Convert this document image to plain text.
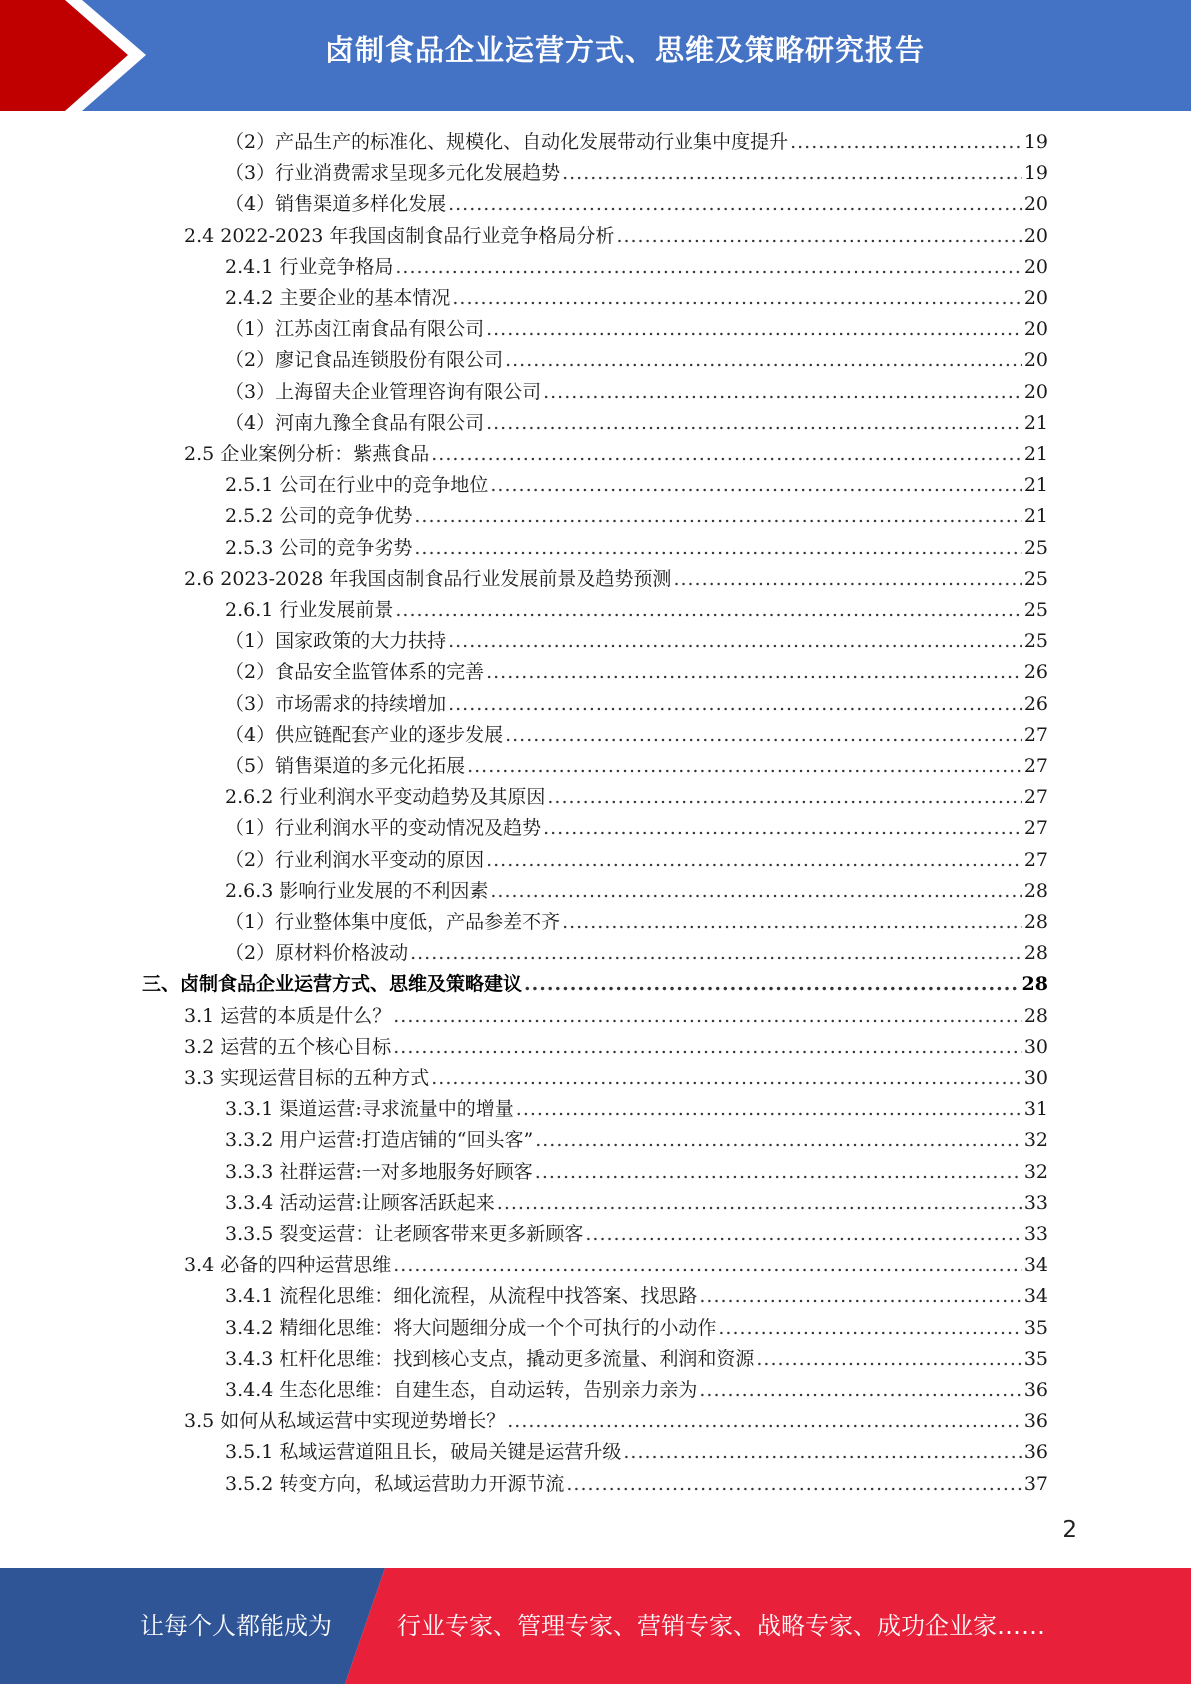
卤制食品企业运营方式、思维及策略研究报告
（2）产品生产的标准化、规模化、自动化发展带动行业集中度提升 .....	19
（3）行业消费需求呈现多元化发展趋势 .....	19
（4）销售渠道多样化发展 .....	20
2.4 2022-2023 年我国卤制食品行业竞争格局分析 .....	20
2.4.1 行业竞争格局 .....	20
2.4.2 主要企业的基本情况 .....	20
（1）江苏卤江南食品有限公司 .....	20
（2）廖记食品连锁股份有限公司 .....	20
（3）上海留夫企业管理咨询有限公司 .....	20
（4）河南九豫全食品有限公司 .....	21
2.5 企业案例分析：紫燕食品 .....	21
2.5.1 公司在行业中的竞争地位 .....	21
2.5.2 公司的竞争优势 .....	21
2.5.3 公司的竞争劣势 .....	25
2.6 2023-2028 年我国卤制食品行业发展前景及趋势预测 .....	25
2.6.1 行业发展前景 .....	25
（1）国家政策的大力扶持 .....	25
（2）食品安全监管体系的完善 .....	26
（3）市场需求的持续增加 .....	26
（4）供应链配套产业的逐步发展 .....	27
（5）销售渠道的多元化拓展 .....	27
2.6.2 行业利润水平变动趋势及其原因 .....	27
（1）行业利润水平的变动情况及趋势 .....	27
（2）行业利润水平变动的原因 .....	27
2.6.3 影响行业发展的不利因素 .....	28
（1）行业整体集中度低，产品参差不齐 .....	28
（2）原材料价格波动 .....	28
三、卤制食品企业运营方式、思维及策略建议 .....	28
3.1 运营的本质是什么？ .....	28
3.2 运营的五个核心目标 .....	30
3.3 实现运营目标的五种方式 .....	30
3.3.1 渠道运营:寻求流量中的增量 .....	31
3.3.2 用户运营:打造店铺的“回头客” .....	32
3.3.3 社群运营:一对多地服务好顾客 .....	32
3.3.4 活动运营:让顾客活跃起来 .....	33
3.3.5 裂变运营：让老顾客带来更多新顾客 .....	33
3.4 必备的四种运营思维 .....	34
3.4.1 流程化思维：细化流程，从流程中找答案、找思路 .....	34
3.4.2 精细化思维：将大问题细分成一个个可执行的小动作 .....	35
3.4.3 杠杆化思维：找到核心支点，撬动更多流量、利润和资源 .....	35
3.4.4 生态化思维：自建生态，自动运转，告别亲力亲为 .....	36
3.5 如何从私域运营中实现逆势增长？ .....	36
3.5.1 私域运营道阻且长，破局关键是运营升级 .....	36
3.5.2 转变方向，私域运营助力开源节流 .....	37
2
让每个人都能成为	行业专家、管理专家、营销专家、战略专家、成功企业家……
